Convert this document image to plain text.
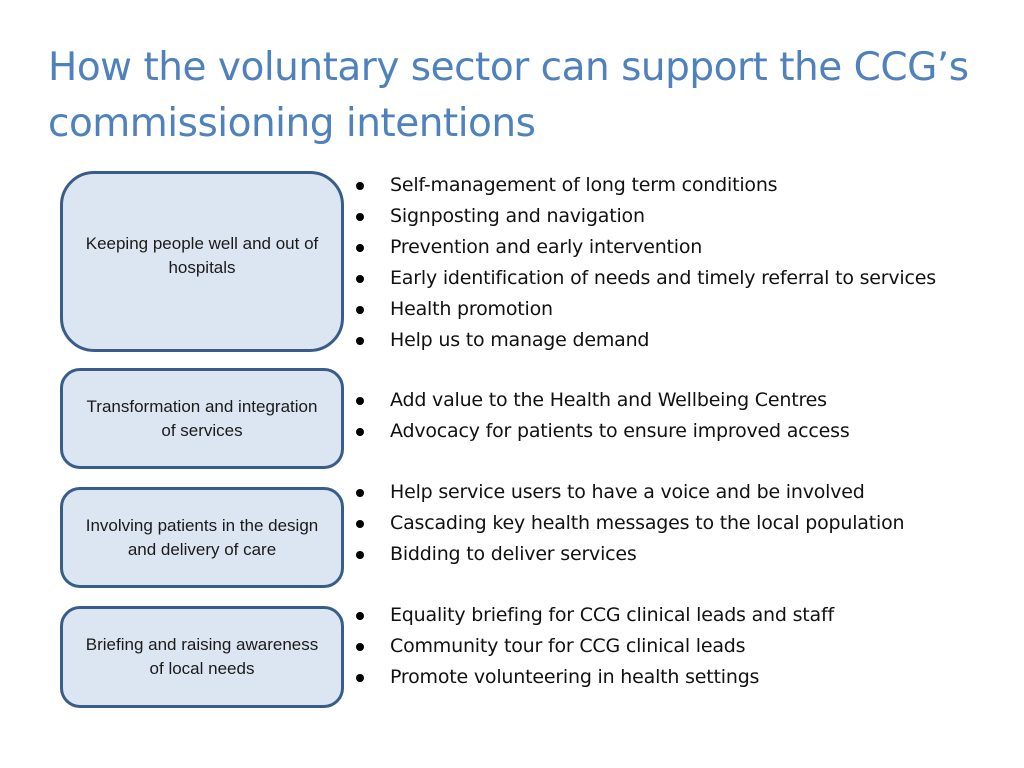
How the voluntary sector can support the CCG’s commissioning intentions
Keeping people well and out of hospitals
Transformation and integration of services
Involving patients in the design and delivery of care
Briefing and raising awareness of local needs
Self-management of long term conditions
Signposting and navigation
Prevention and early intervention
Early identification of needs and timely referral to services
Health promotion
Help us to manage demand
Add value to the Health and Wellbeing Centres
Advocacy for patients to ensure improved access
Help service users to have a voice and be involved
Cascading key health messages to the local population
Bidding to deliver services
Equality briefing for CCG clinical leads and staff
Community tour for CCG clinical leads
Promote volunteering in health settings
